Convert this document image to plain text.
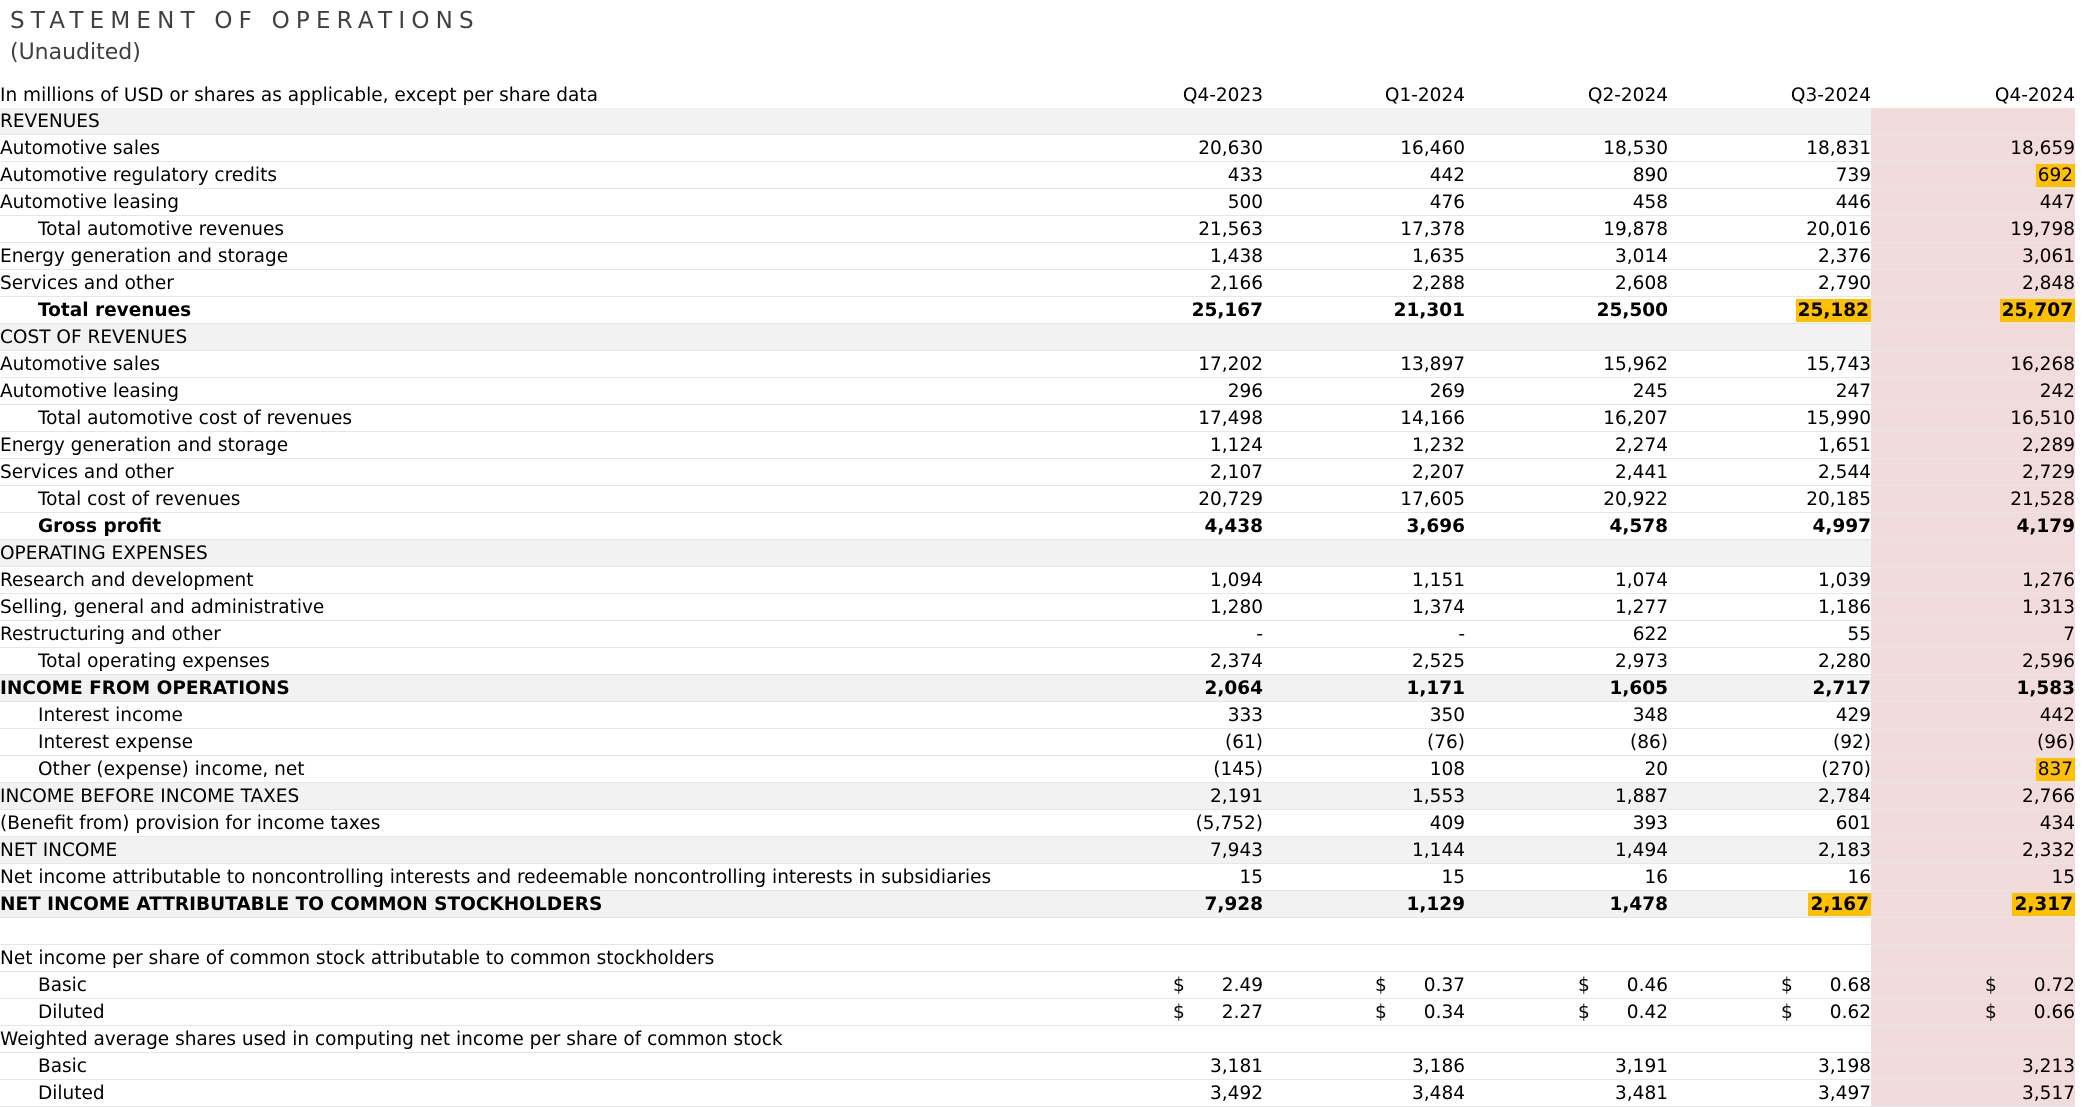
STATEMENT OF OPERATIONS
(Unaudited)
In millions of USD or shares as applicable, except per share data	Q4-2023	Q1-2024	Q2-2024	Q3-2024	Q4-2024
REVENUES					
Automotive sales	20,630	16,460	18,530	18,831	18,659
Automotive regulatory credits	433	442	890	739	692
Automotive leasing	500	476	458	446	447
Total automotive revenues	21,563	17,378	19,878	20,016	19,798
Energy generation and storage	1,438	1,635	3,014	2,376	3,061
Services and other	2,166	2,288	2,608	2,790	2,848
Total revenues	25,167	21,301	25,500	25,182	25,707
COST OF REVENUES					
Automotive sales	17,202	13,897	15,962	15,743	16,268
Automotive leasing	296	269	245	247	242
Total automotive cost of revenues	17,498	14,166	16,207	15,990	16,510
Energy generation and storage	1,124	1,232	2,274	1,651	2,289
Services and other	2,107	2,207	2,441	2,544	2,729
Total cost of revenues	20,729	17,605	20,922	20,185	21,528
Gross profit	4,438	3,696	4,578	4,997	4,179
OPERATING EXPENSES					
Research and development	1,094	1,151	1,074	1,039	1,276
Selling, general and administrative	1,280	1,374	1,277	1,186	1,313
Restructuring and other	-	-	622	55	7
Total operating expenses	2,374	2,525	2,973	2,280	2,596
INCOME FROM OPERATIONS	2,064	1,171	1,605	2,717	1,583
Interest income	333	350	348	429	442
Interest expense	(61)	(76)	(86)	(92)	(96)
Other (expense) income, net	(145)	108	20	(270)	837
INCOME BEFORE INCOME TAXES	2,191	1,553	1,887	2,784	2,766
(Benefit from) provision for income taxes	(5,752)	409	393	601	434
NET INCOME	7,943	1,144	1,494	2,183	2,332
Net income attributable to noncontrolling interests and redeemable noncontrolling interests in subsidiaries	15	15	16	16	15
NET INCOME ATTRIBUTABLE TO COMMON STOCKHOLDERS	7,928	1,129	1,478	2,167	2,317

Net income per share of common stock attributable to common stockholders					
Basic	$ 2.49	$ 0.37	$ 0.46	$ 0.68	$ 0.72
Diluted	$ 2.27	$ 0.34	$ 0.42	$ 0.62	$ 0.66
Weighted average shares used in computing net income per share of common stock					
Basic	3,181	3,186	3,191	3,198	3,213
Diluted	3,492	3,484	3,481	3,497	3,517
